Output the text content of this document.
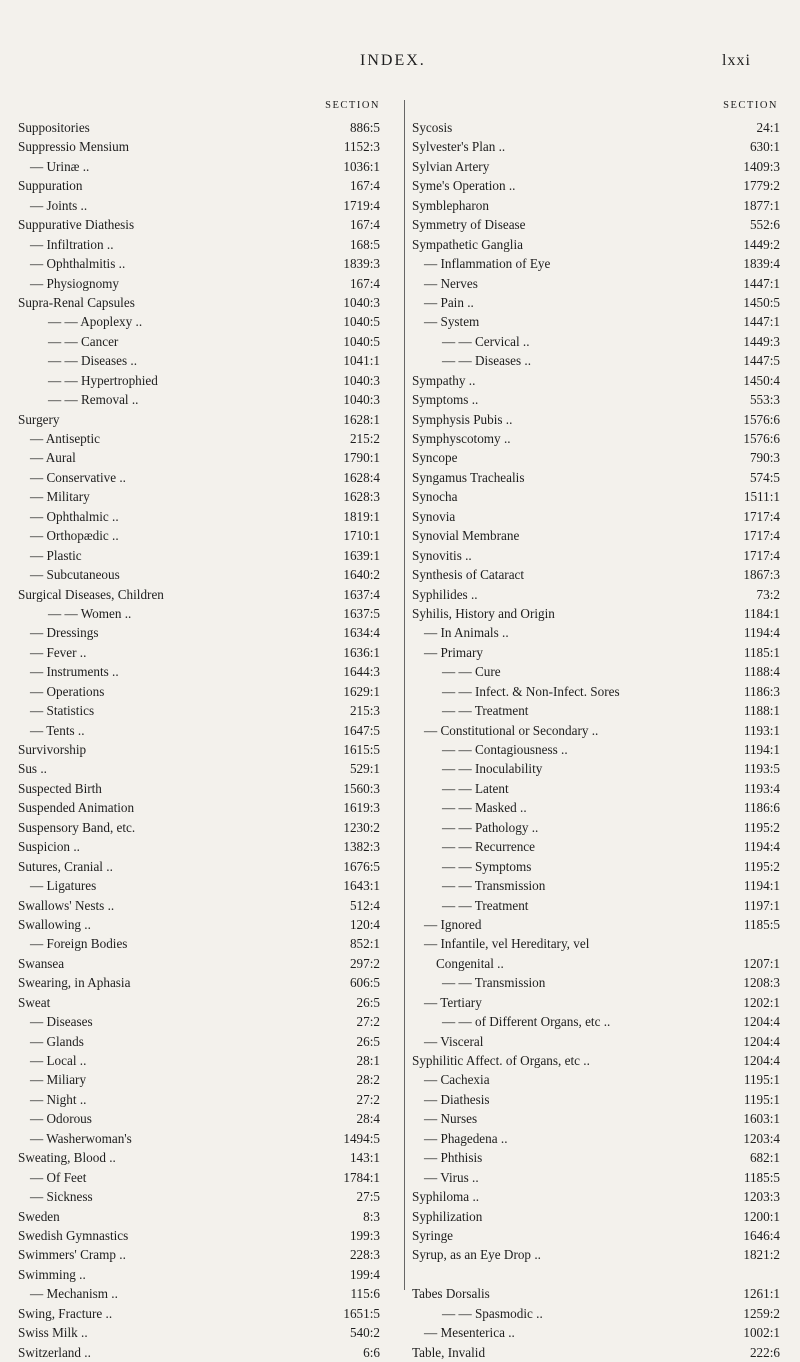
INDEX.	lxxi
SECTION
Suppositories	886:5
Suppressio Mensium	1152:3
— Urinæ ..	1036:1
Suppuration	167:4
— Joints ..	1719:4
Suppurative Diathesis	167:4
— Infiltration ..	168:5
— Ophthalmitis ..	1839:3
— Physiognomy	167:4
Supra-Renal Capsules	1040:3
— — Apoplexy ..	1040:5
— — Cancer	1040:5
— — Diseases ..	1041:1
— — Hypertrophied	1040:3
— — Removal ..	1040:3
Surgery	1628:1
— Antiseptic	215:2
— Aural	1790:1
— Conservative ..	1628:4
— Military	1628:3
— Ophthalmic ..	1819:1
— Orthopædic ..	1710:1
— Plastic	1639:1
— Subcutaneous	1640:2
Surgical Diseases, Children	1637:4
— — Women ..	1637:5
— Dressings	1634:4
— Fever ..	1636:1
— Instruments ..	1644:3
— Operations	1629:1
— Statistics	215:3
— Tents ..	1647:5
Survivorship	1615:5
Sus ..	529:1
Suspected Birth	1560:3
Suspended Animation	1619:3
Suspensory Band, etc.	1230:2
Suspicion ..	1382:3
Sutures, Cranial ..	1676:5
— Ligatures	1643:1
Swallows' Nests ..	512:4
Swallowing ..	120:4
— Foreign Bodies	852:1
Swansea	297:2
Swearing, in Aphasia	606:5
Sweat	26:5
— Diseases	27:2
— Glands	26:5
— Local ..	28:1
— Miliary	28:2
— Night ..	27:2
— Odorous	28:4
— Washerwoman's	1494:5
Sweating, Blood ..	143:1
— Of Feet	1784:1
— Sickness	27:5
Sweden	8:3
Swedish Gymnastics	199:3
Swimmers' Cramp ..	228:3
Swimming ..	199:4
— Mechanism ..	115:6
Swing, Fracture ..	1651:5
Swiss Milk ..	540:2
Switzerland ..	6:6
SECTION
Sycosis	24:1
Sylvester's Plan ..	630:1
Sylvian Artery	1409:3
Syme's Operation ..	1779:2
Symblepharon	1877:1
Symmetry of Disease	552:6
Sympathetic Ganglia	1449:2
— Inflammation of Eye	1839:4
— Nerves	1447:1
— Pain ..	1450:5
— System	1447:1
— — Cervical ..	1449:3
— — Diseases ..	1447:5
Sympathy ..	1450:4
Symptoms ..	553:3
Symphysis Pubis ..	1576:6
Symphyscotomy ..	1576:6
Syncope	790:3
Syngamus Trachealis	574:5
Synocha	1511:1
Synovia	1717:4
Synovial Membrane	1717:4
Synovitis ..	1717:4
Synthesis of Cataract	1867:3
Syphilides ..	73:2
Syhilis, History and Origin	1184:1
— In Animals ..	1194:4
— Primary	1185:1
— — Cure	1188:4
— — Infect. & Non-Infect. Sores	1186:3
— — Treatment	1188:1
— Constitutional or Secondary ..	1193:1
— — Contagiousness ..	1194:1
— — Inoculability	1193:5
— — Latent	1193:4
— — Masked ..	1186:6
— — Pathology ..	1195:2
— — Recurrence	1194:4
— — Symptoms	1195:2
— — Transmission	1194:1
— — Treatment	1197:1
— Ignored	1185:5
— Infantile, vel Hereditary, vel
Congenital ..	1207:1
— — Transmission	1208:3
— Tertiary	1202:1
— — of Different Organs, etc ..	1204:4
— Visceral	1204:4
Syphilitic Affect. of Organs, etc ..	1204:4
— Cachexia	1195:1
— Diathesis	1195:1
— Nurses	1603:1
— Phagedena ..	1203:4
— Phthisis	682:1
— Virus ..	1185:5
Syphiloma ..	1203:3
Syphilization	1200:1
Syringe	1646:4
Syrup, as an Eye Drop ..	1821:2
Tabes Dorsalis	1261:1
— — Spasmodic ..	1259:2
— Mesenterica ..	1002:1
Table, Invalid	222:6
